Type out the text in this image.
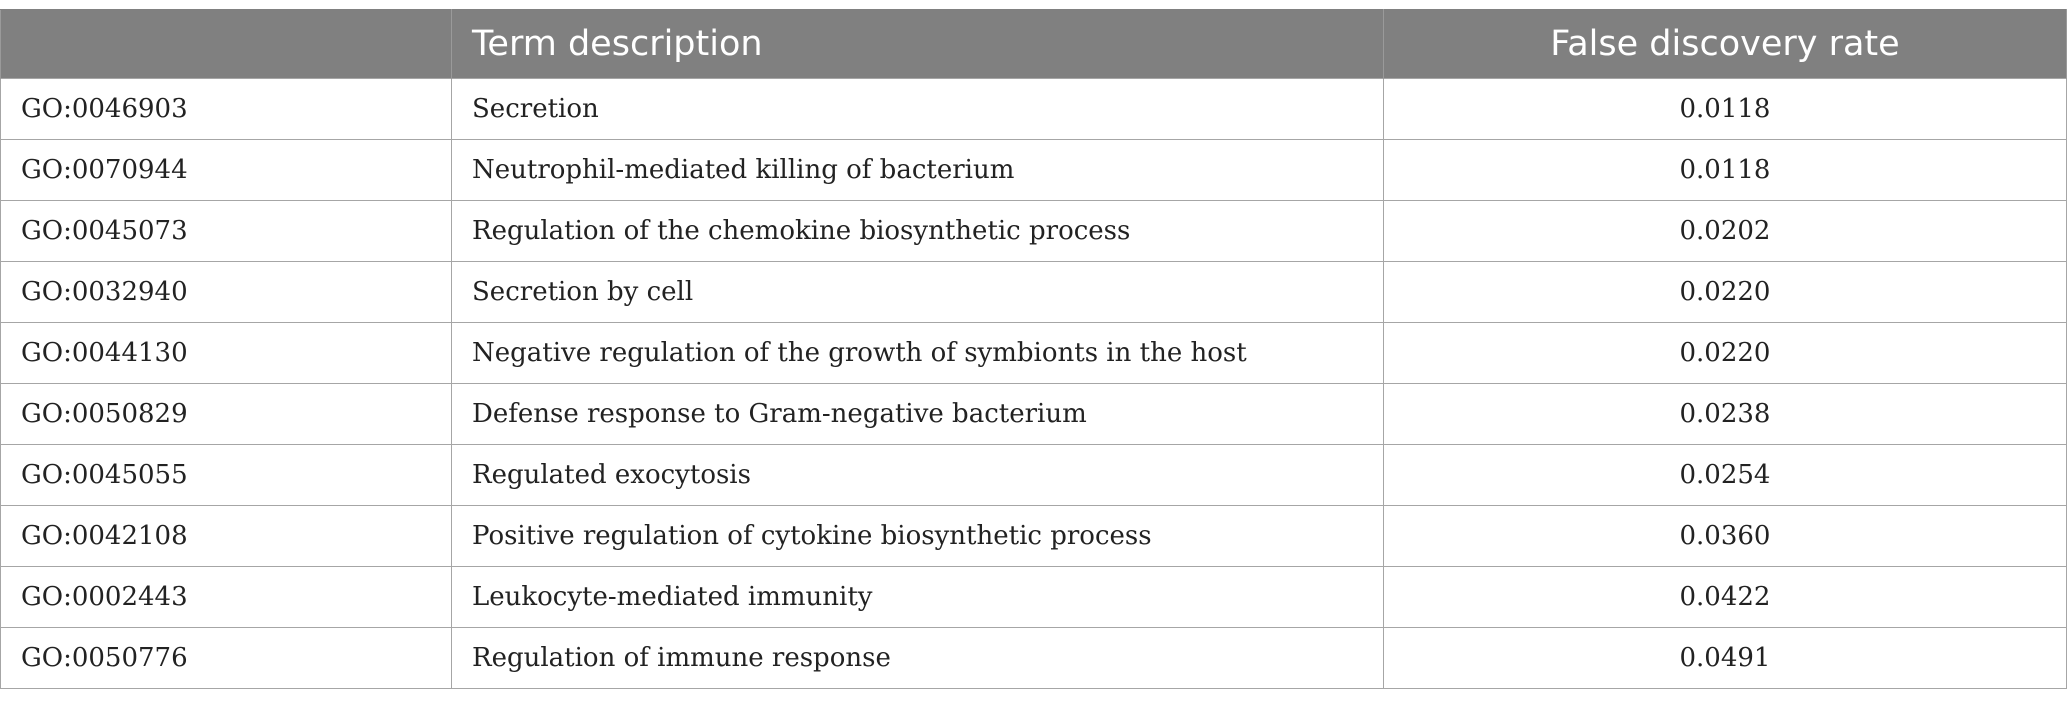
	Term description	False discovery rate
GO:0046903	Secretion	0.0118
GO:0070944	Neutrophil-mediated killing of bacterium	0.0118
GO:0045073	Regulation of the chemokine biosynthetic process	0.0202
GO:0032940	Secretion by cell	0.0220
GO:0044130	Negative regulation of the growth of symbionts in the host	0.0220
GO:0050829	Defense response to Gram-negative bacterium	0.0238
GO:0045055	Regulated exocytosis	0.0254
GO:0042108	Positive regulation of cytokine biosynthetic process	0.0360
GO:0002443	Leukocyte-mediated immunity	0.0422
GO:0050776	Regulation of immune response	0.0491
